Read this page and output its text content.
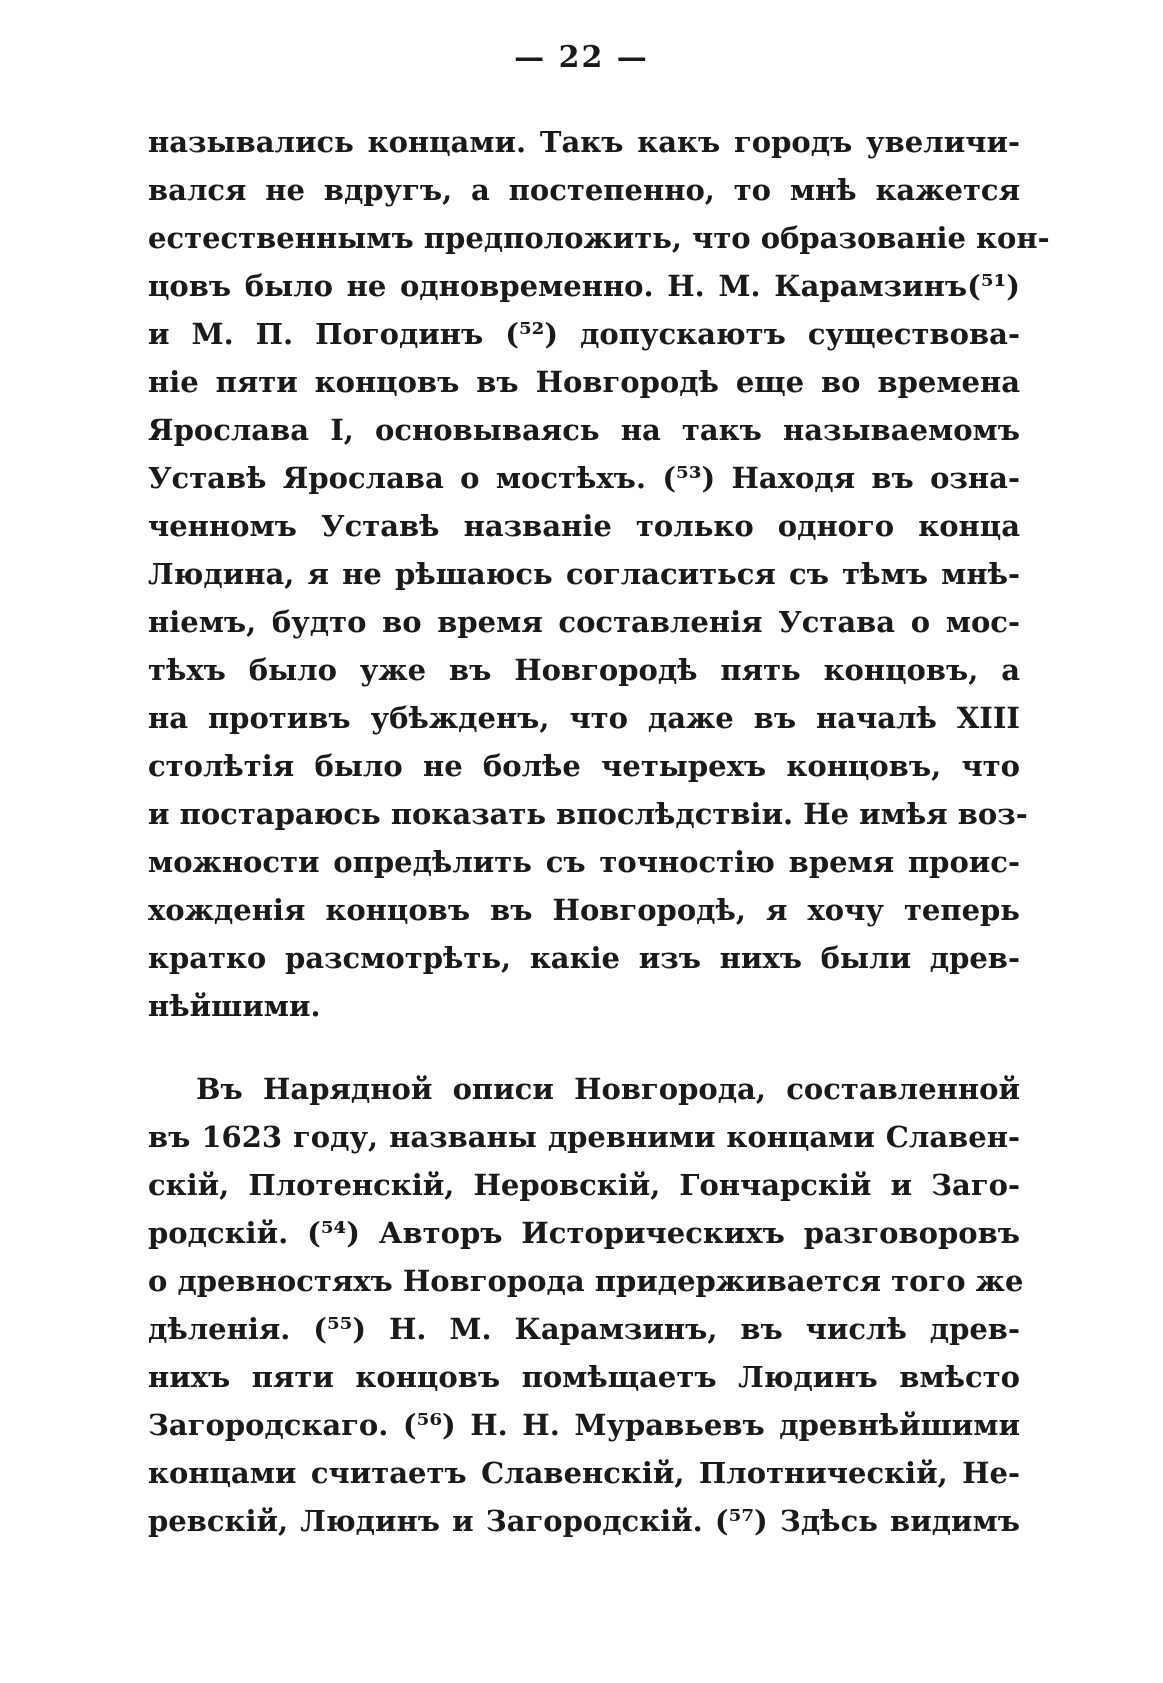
— 22 —
назывались концами. Такъ какъ городъ увеличи-
вался не вдругъ, а постепенно, то мнѣ кажется
естественнымъ предположить, что образованіе кон-
цовъ было не одновременно. Н. М. Карамзинъ(⁵¹)
и М. П. Погодинъ (⁵²) допускаютъ существова-
ніе пяти концовъ въ Новгородѣ еще во времена
Ярослава I, основываясь на такъ называемомъ
Уставѣ Ярослава о мостѣхъ. (⁵³) Находя въ озна-
ченномъ Уставѣ названіе только одного конца
Людина, я не рѣшаюсь согласиться съ тѣмъ мнѣ-
ніемъ, будто во время составленія Устава о мос-
тѣхъ было уже въ Новгородѣ пять концовъ, а
на противъ убѣжденъ, что даже въ началѣ XIII
столѣтія было не болѣе четырехъ концовъ, что
и постараюсь показать впослѣдствіи. Не имѣя воз-
можности опредѣлить съ точностію время проис-
хожденія концовъ въ Новгородѣ, я хочу теперь
кратко разсмотрѣть, какіе изъ нихъ были древ-
нѣйшими.
Въ Нарядной описи Новгорода, составленной
въ 1623 году, названы древними концами Славен-
скій, Плотенскій, Неровскій, Гончарскій и Заго-
родскій. (⁵⁴) Авторъ Историческихъ разговоровъ
о древностяхъ Новгорода придерживается того же
дѣленія. (⁵⁵) Н. М. Карамзинъ, въ числѣ древ-
нихъ пяти концовъ помѣщаетъ Людинъ вмѣсто
Загородскаго. (⁵⁶) Н. Н. Муравьевъ древнѣйшими
концами считаетъ Славенскій, Плотническій, Не-
ревскій, Людинъ и Загородскій. (⁵⁷) Здѣсь видимъ
